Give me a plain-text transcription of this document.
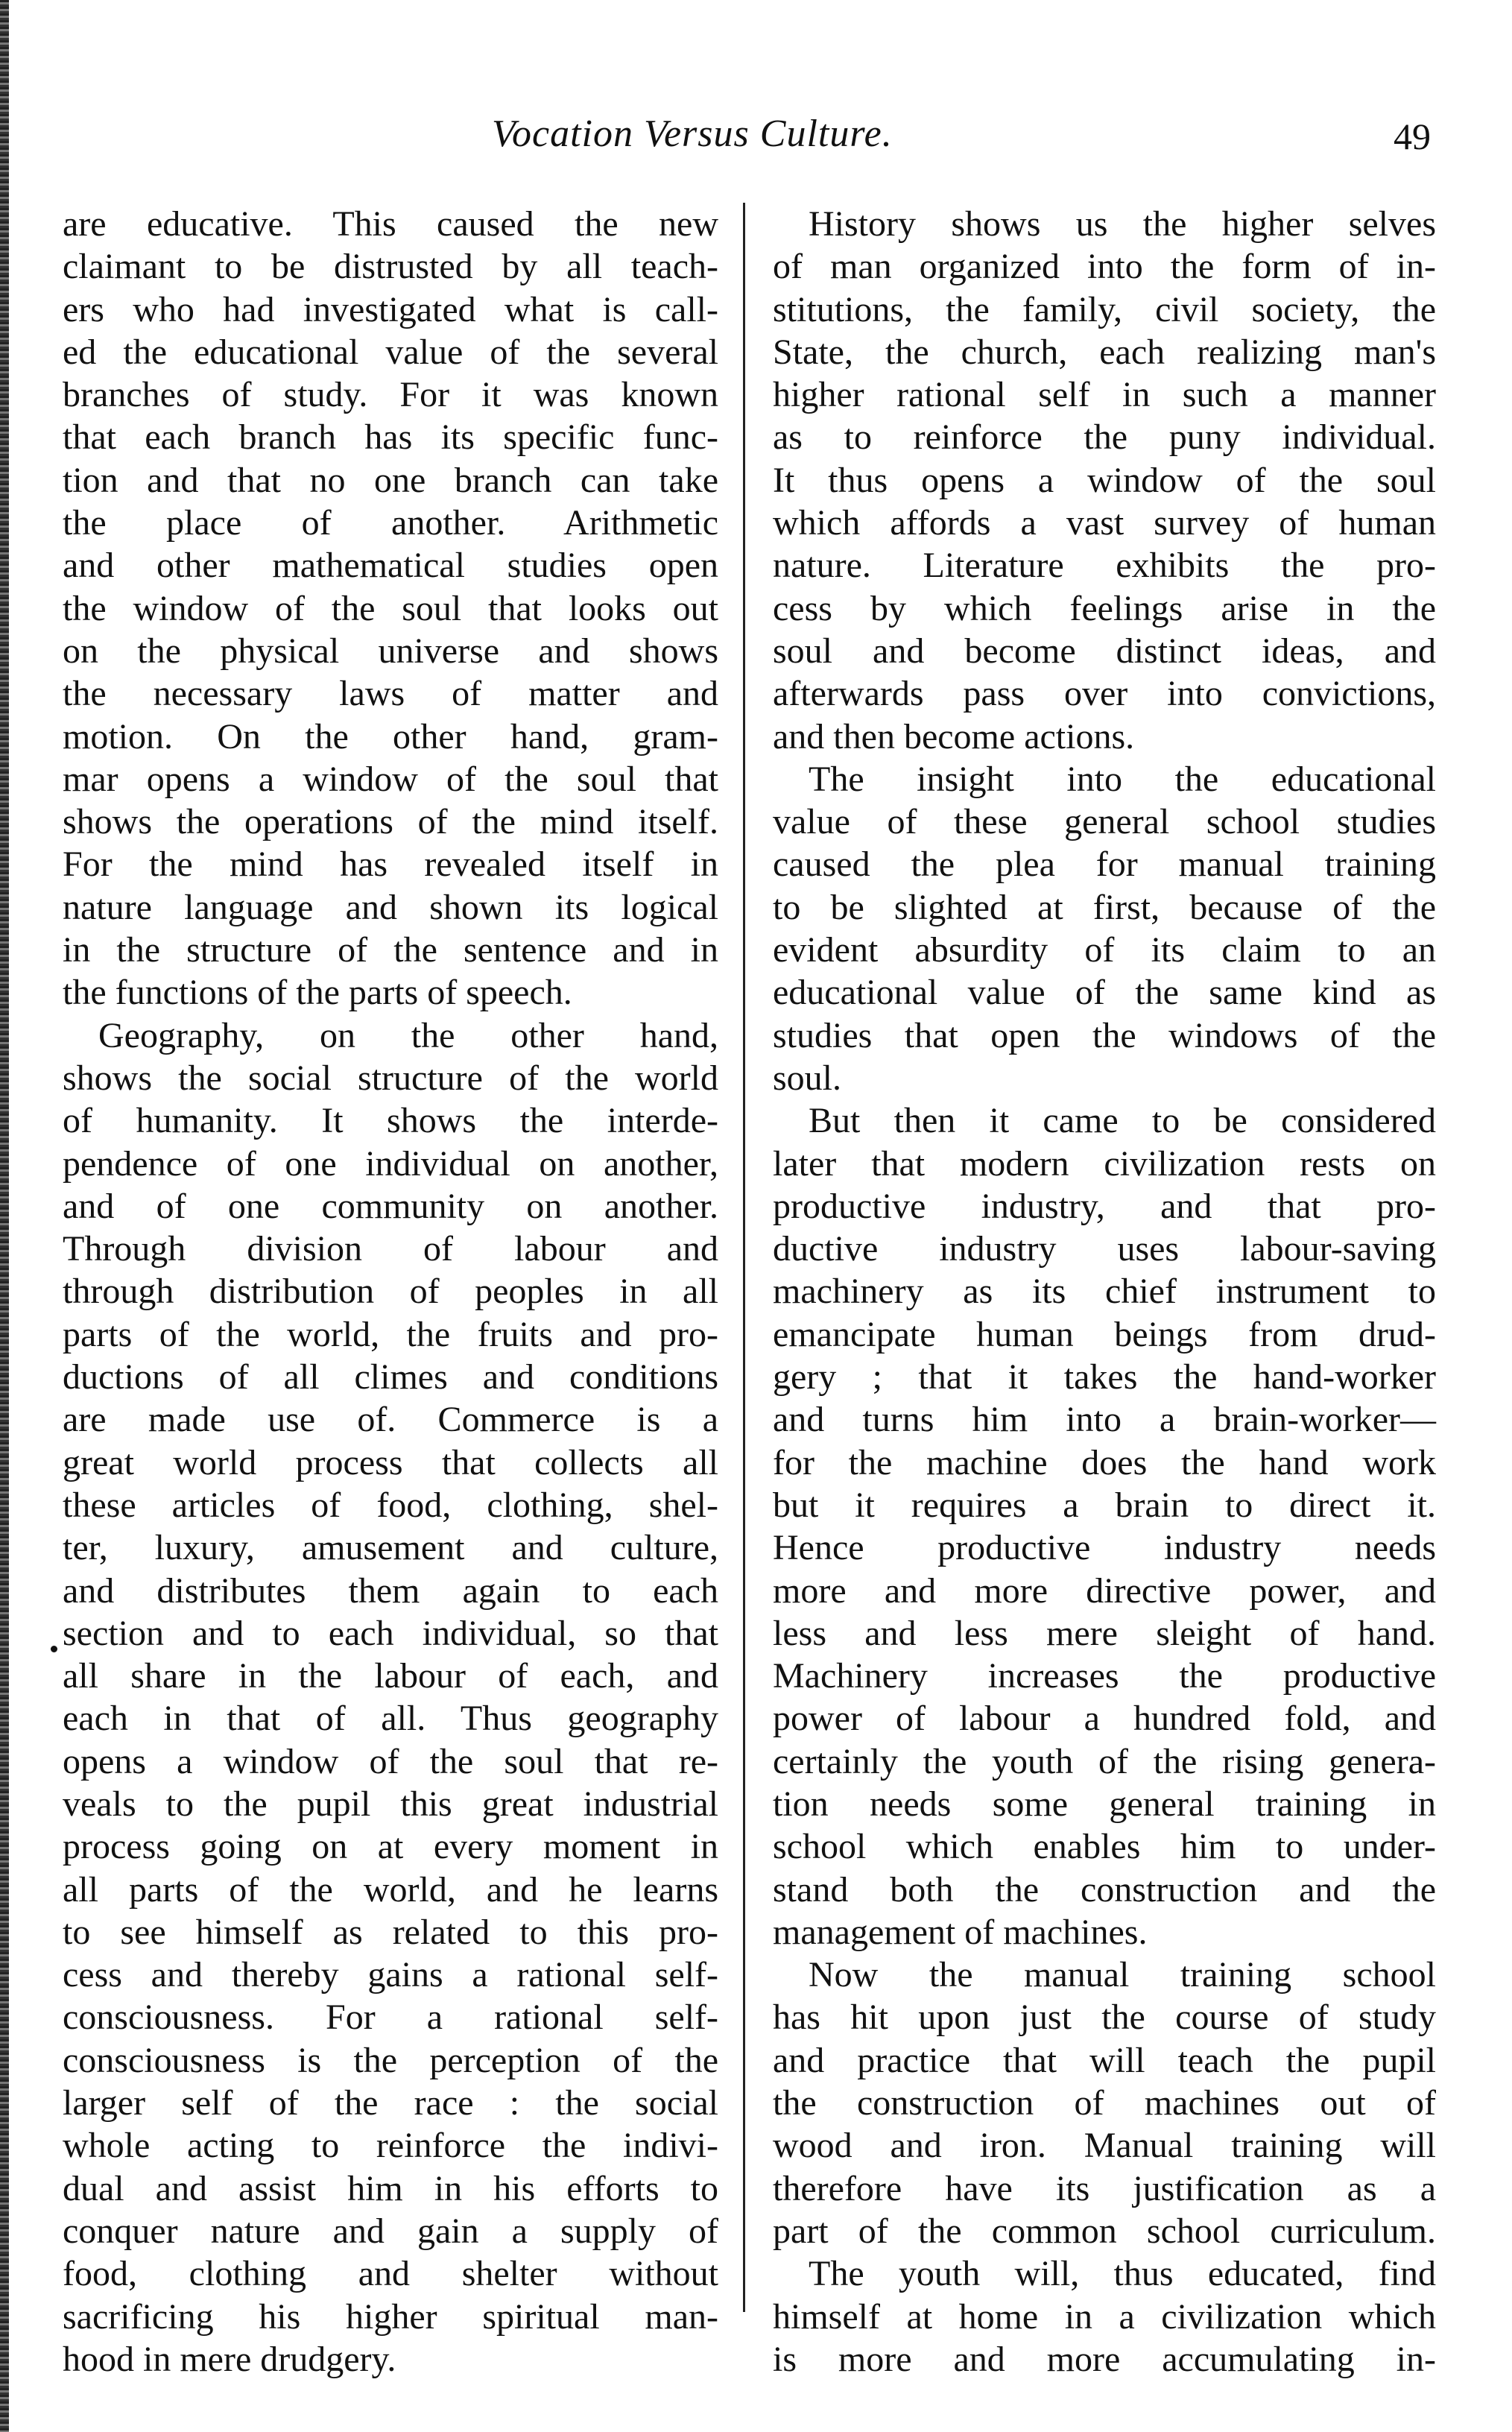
Vocation Versus Culture.	49
are educative. This caused the new
claimant to be distrusted by all teach-
ers who had investigated what is call-
ed the educational value of the several
branches of study. For it was known
that each branch has its specific func-
tion and that no one branch can take
the place of another. Arithmetic
and other mathematical studies open
the window of the soul that looks out
on the physical universe and shows
the necessary laws of matter and
motion. On the other hand, gram-
mar opens a window of the soul that
shows the operations of the mind itself.
For the mind has revealed itself in
nature language and shown its logical
in the structure of the sentence and in
the functions of the parts of speech.
Geography, on the other hand,
shows the social structure of the world
of humanity. It shows the interde-
pendence of one individual on another,
and of one community on another.
Through division of labour and
through distribution of peoples in all
parts of the world, the fruits and pro-
ductions of all climes and conditions
are made use of. Commerce is a
great world process that collects all
these articles of food, clothing, shel-
ter, luxury, amusement and culture,
and distributes them again to each
section and to each individual, so that
all share in the labour of each, and
each in that of all. Thus geography
opens a window of the soul that re-
veals to the pupil this great industrial
process going on at every moment in
all parts of the world, and he learns
to see himself as related to this pro-
cess and thereby gains a rational self-
consciousness. For a rational self-
consciousness is the perception of the
larger self of the race : the social
whole acting to reinforce the indivi-
dual and assist him in his efforts to
conquer nature and gain a supply of
food, clothing and shelter without
sacrificing his higher spiritual man-
hood in mere drudgery.
History shows us the higher selves
of man organized into the form of in-
stitutions, the family, civil society, the
State, the church, each realizing man's
higher rational self in such a manner
as to reinforce the puny individual.
It thus opens a window of the soul
which affords a vast survey of human
nature. Literature exhibits the pro-
cess by which feelings arise in the
soul and become distinct ideas, and
afterwards pass over into convictions,
and then become actions.
The insight into the educational
value of these general school studies
caused the plea for manual training
to be slighted at first, because of the
evident absurdity of its claim to an
educational value of the same kind as
studies that open the windows of the
soul.
But then it came to be considered
later that modern civilization rests on
productive industry, and that pro-
ductive industry uses labour-saving
machinery as its chief instrument to
emancipate human beings from drud-
gery ; that it takes the hand-worker
and turns him into a brain-worker—
for the machine does the hand work
but it requires a brain to direct it.
Hence productive industry needs
more and more directive power, and
less and less mere sleight of hand.
Machinery increases the productive
power of labour a hundred fold, and
certainly the youth of the rising genera-
tion needs some general training in
school which enables him to under-
stand both the construction and the
management of machines.
Now the manual training school
has hit upon just the course of study
and practice that will teach the pupil
the construction of machines out of
wood and iron. Manual training will
therefore have its justification as a
part of the common school curriculum.
The youth will, thus educated, find
himself at home in a civilization which
is more and more accumulating in-
